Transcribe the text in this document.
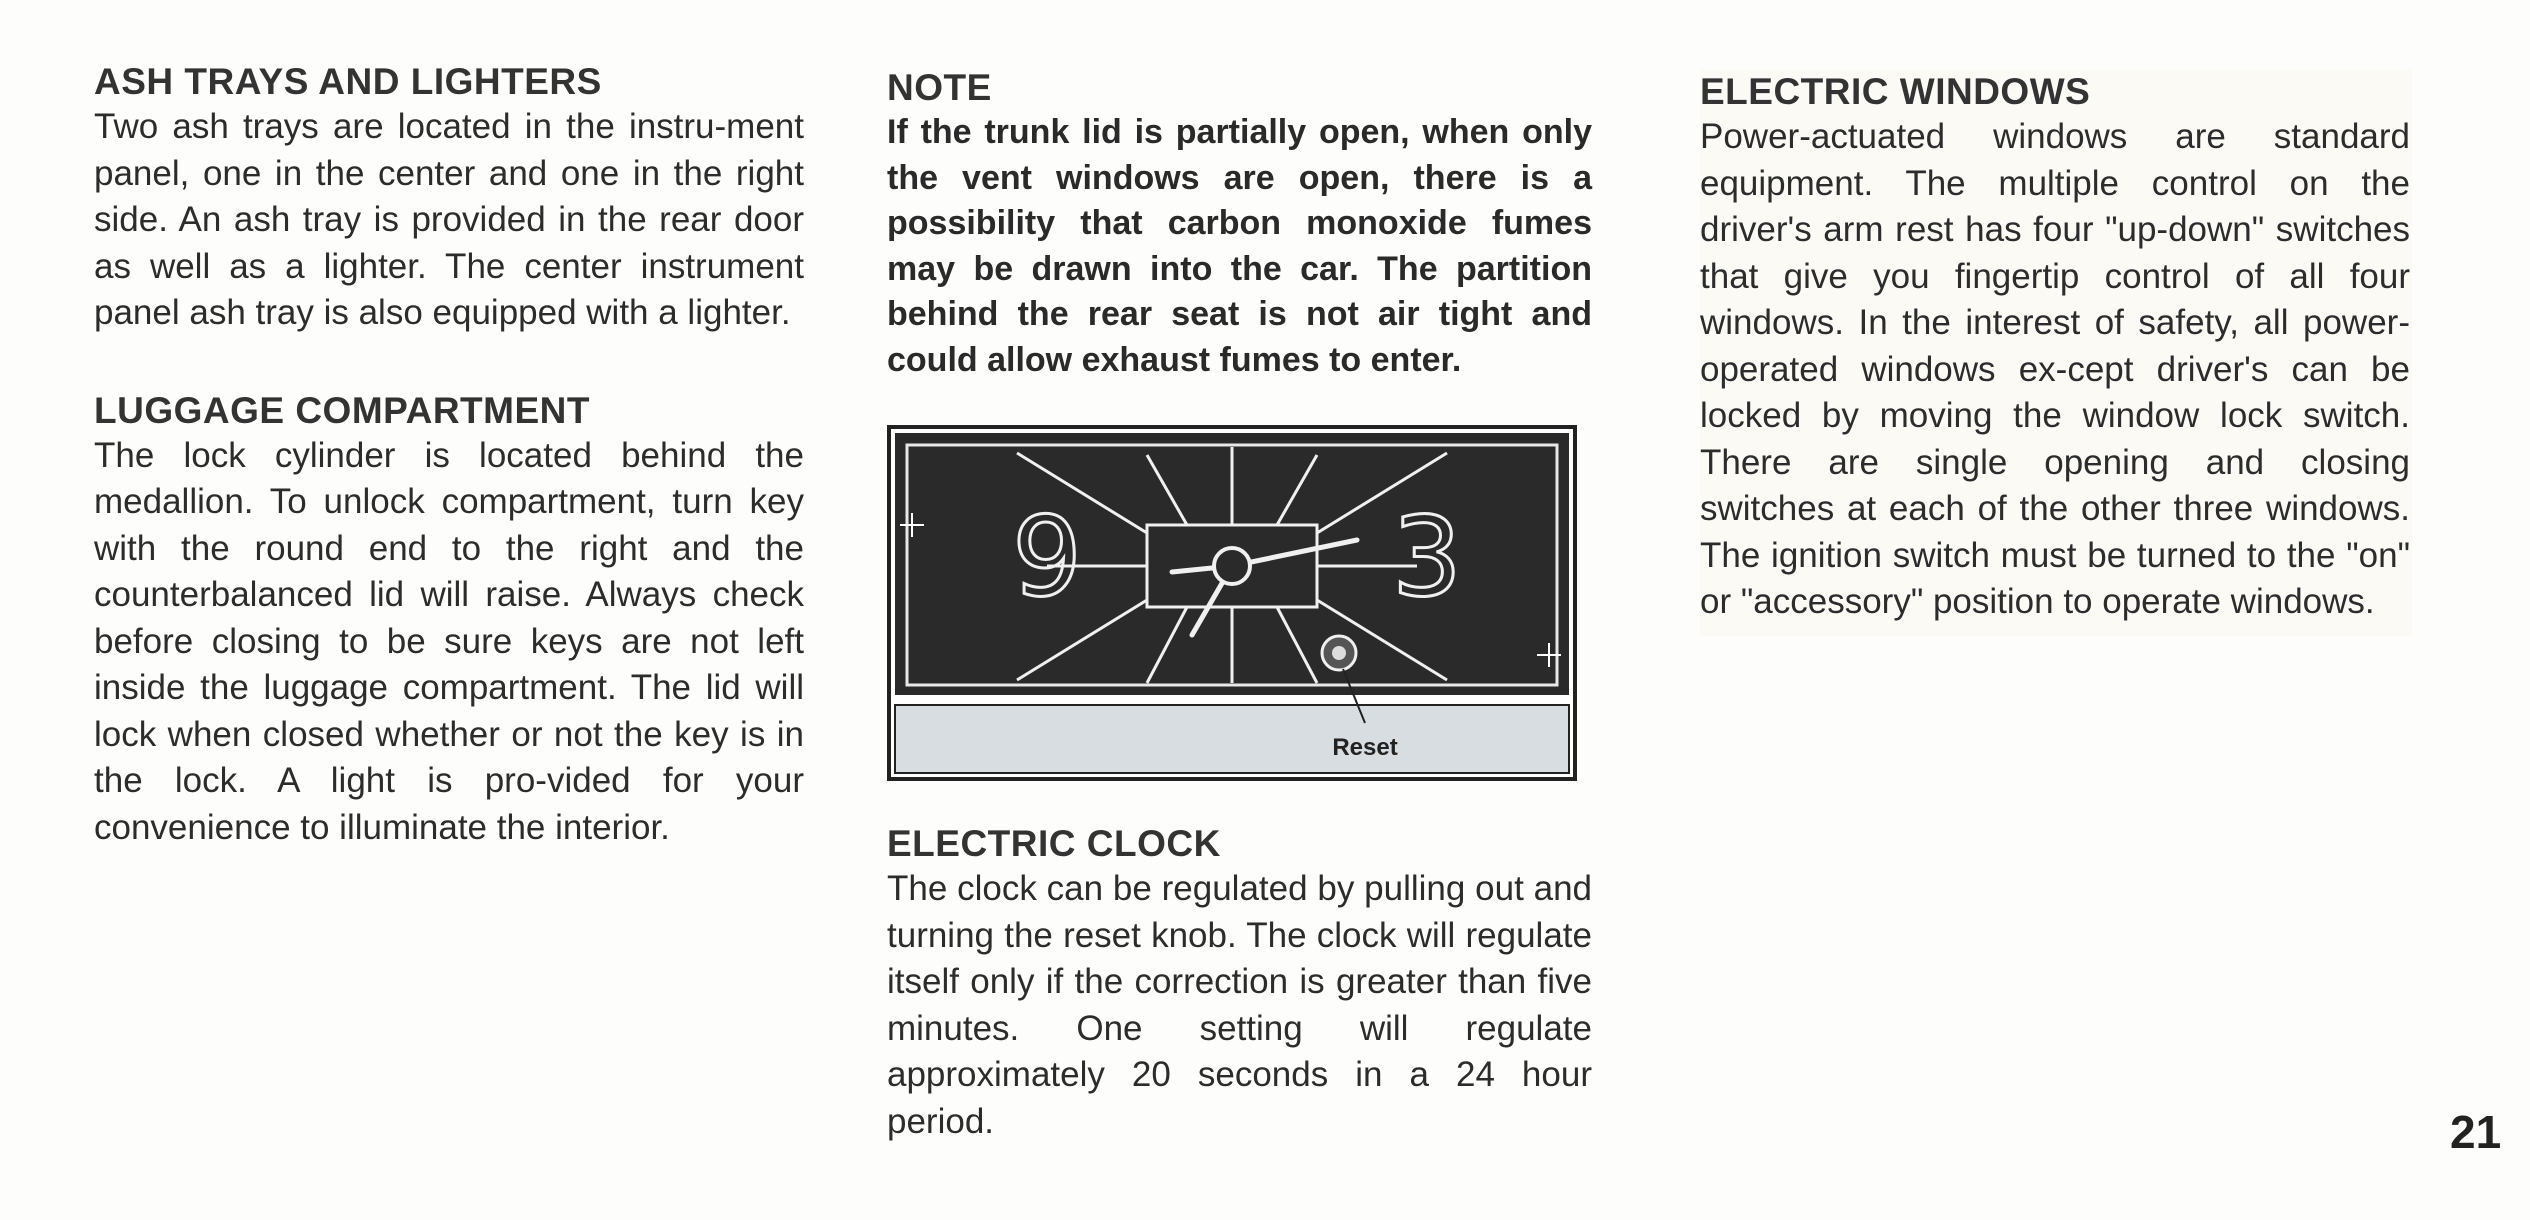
ASH TRAYS AND LIGHTERS

Two ash trays are located in the instru-ment panel, one in the center and one in the right side. An ash tray is provided in the rear door as well as a lighter. The center instrument panel ash tray is also equipped with a lighter.

LUGGAGE COMPARTMENT

The lock cylinder is located behind the medallion. To unlock compartment, turn key with the round end to the right and the counterbalanced lid will raise. Always check before closing to be sure keys are not left inside the luggage compartment. The lid will lock when closed whether or not the key is in the lock. A light is pro-vided for your convenience to illuminate the interior.

NOTE

If the trunk lid is partially open, when only the vent windows are open, there is a possibility that carbon monoxide fumes may be drawn into the car. The partition behind the rear seat is not air tight and could allow exhaust fumes to enter.

9	3
Reset
ELECTRIC CLOCK

The clock can be regulated by pulling out and turning the reset knob. The clock will regulate itself only if the correction is greater than five minutes. One setting will regulate approximately 20 seconds in a 24 hour period.

ELECTRIC WINDOWS

Power-actuated windows are standard equipment. The multiple control on the driver's arm rest has four "up-down" switches that give you fingertip control of all four windows. In the interest of safety, all power-operated windows ex-cept driver's can be locked by moving the window lock switch. There are single opening and closing switches at each of the other three windows. The ignition switch must be turned to the "on" or "accessory" position to operate windows.

21
